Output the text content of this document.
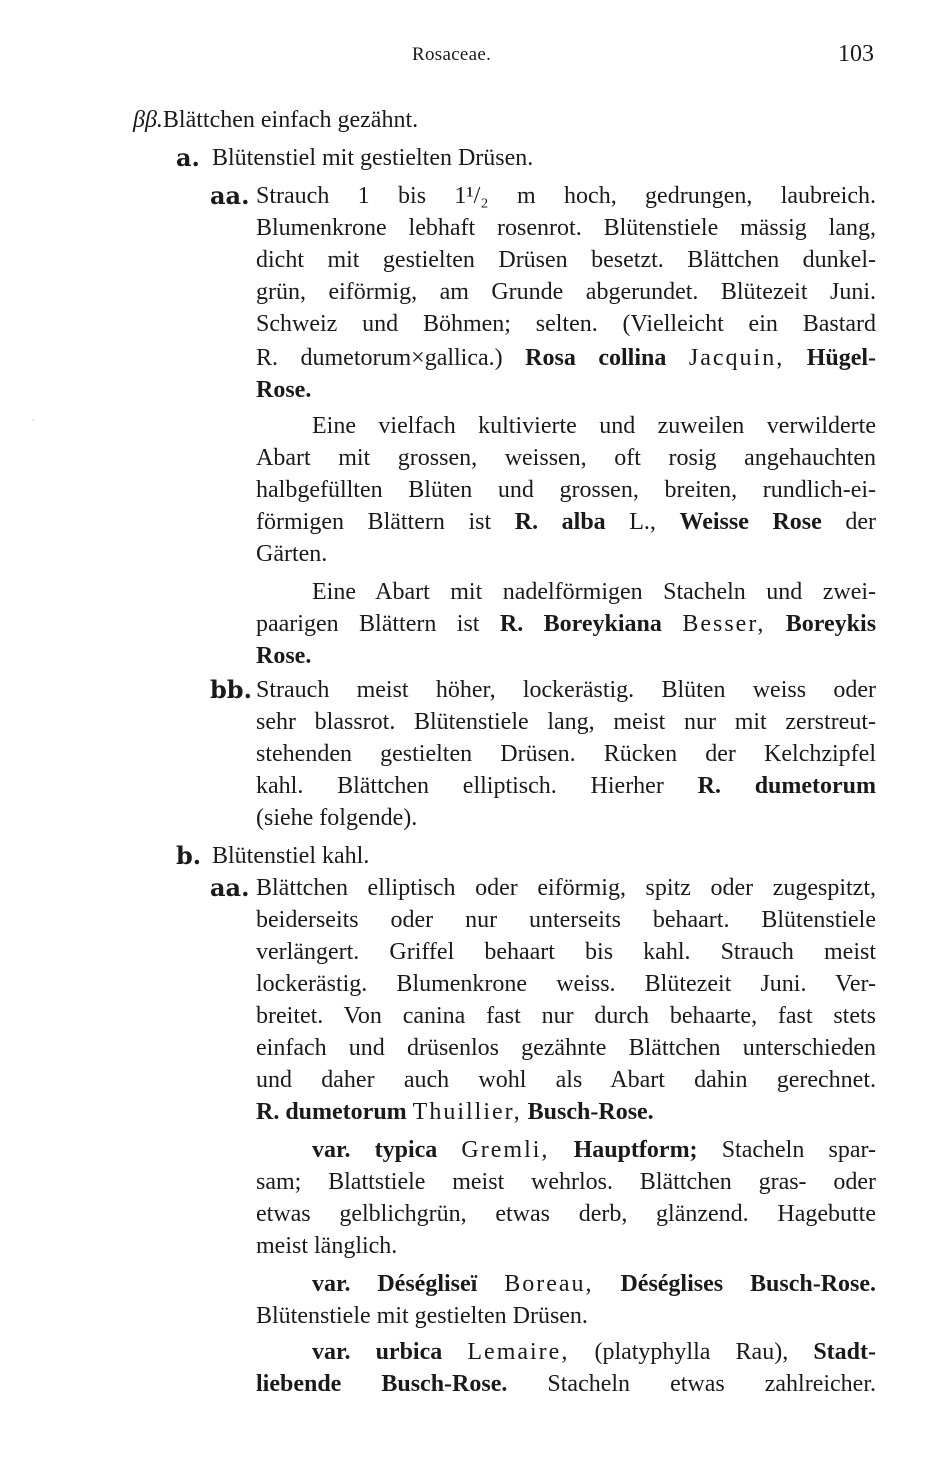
·
Rosaceae.	103
ββ.Blättchen einfach gezähnt.
a. Blütenstiel mit gestielten Drüsen.
aa. Strauch 1 bis 1¹/₂ m hoch, gedrungen, laubreich.
Blumenkrone lebhaft rosenrot. Blütenstiele mässig lang,
dicht mit gestielten Drüsen besetzt. Blättchen dunkel-
grün, eiförmig, am Grunde abgerundet. Blütezeit Juni.
Schweiz und Böhmen; selten. (Vielleicht ein Bastard
R. dumetorum×gallica.) Rosa collina Jacquin, Hügel-
Rose.
Eine vielfach kultivierte und zuweilen verwilderte
Abart mit grossen, weissen, oft rosig angehauchten
halbgefüllten Blüten und grossen, breiten, rundlich-ei-
förmigen Blättern ist R. alba L., Weisse Rose der
Gärten.
Eine Abart mit nadelförmigen Stacheln und zwei-
paarigen Blättern ist R. Boreykiana Besser, Boreykis
Rose.
bb. Strauch meist höher, lockerästig. Blüten weiss oder
sehr blassrot. Blütenstiele lang, meist nur mit zerstreut-
stehenden gestielten Drüsen. Rücken der Kelchzipfel
kahl. Blättchen elliptisch. Hierher R. dumetorum
(siehe folgende).
b. Blütenstiel kahl.
aa. Blättchen elliptisch oder eiförmig, spitz oder zugespitzt,
beiderseits oder nur unterseits behaart. Blütenstiele
verlängert. Griffel behaart bis kahl. Strauch meist
lockerästig. Blumenkrone weiss. Blütezeit Juni. Ver-
breitet. Von canina fast nur durch behaarte, fast stets
einfach und drüsenlos gezähnte Blättchen unterschieden
und daher auch wohl als Abart dahin gerechnet.
R. dumetorum Thuillier, Busch-Rose.
var. typica Gremli, Hauptform; Stacheln spar-
sam; Blattstiele meist wehrlos. Blättchen gras- oder
etwas gelblichgrün, etwas derb, glänzend. Hagebutte
meist länglich.
var. Déségliseï Boreau, Déséglises Busch-Rose.
Blütenstiele mit gestielten Drüsen.
var. urbica Lemaire, (platyphylla Rau), Stadt-
liebende Busch-Rose. Stacheln etwas zahlreicher.
